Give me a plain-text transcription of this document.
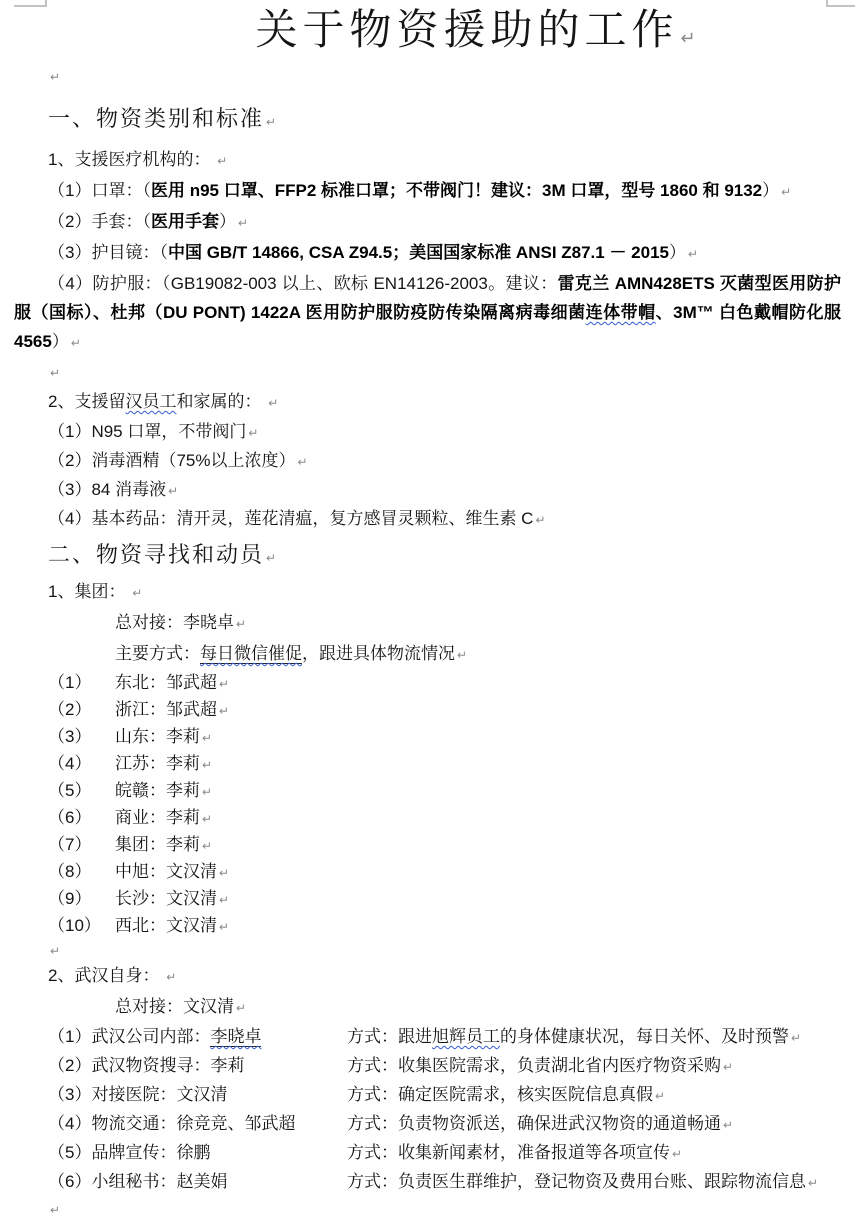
关于物资援助的工作 ↵

↵

一、物资类别和标准 ↵

1、支援医疗机构的： ↵

（1）口罩：（医用 n95 口罩、FFP2 标准口罩；不带阀门！建议：3M 口罩，型号 1860 和 9132） ↵

（2）手套：（医用手套） ↵

（3）护目镜：（中国 GB/T 14866, CSA Z94.5；美国国家标准 ANSI Z87.1 － 2015） ↵

（4）防护服：（GB19082-003 以上、欧标 EN14126-2003。建议：雷克兰 AMN428ETS 灭菌型医用防护服（国标）、杜邦（DU PONT) 1422A 医用防护服防疫防传染隔离病毒细菌连体带帽、3M™ 白色戴帽防化服 4565） ↵

↵

2、支援留汉员工和家属的： ↵

（1）N95 口罩，不带阀门 ↵

（2）消毒酒精（75%以上浓度） ↵

（3）84 消毒液 ↵

（4）基本药品：清开灵，莲花清瘟，复方感冒灵颗粒、维生素 C ↵

二、物资寻找和动员 ↵

1、集团： ↵

总对接：李晓卓 ↵

主要方式：每日微信催促，跟进具体物流情况 ↵

（1） 东北：邹武超 ↵

（2） 浙江：邹武超 ↵

（3） 山东：李莉 ↵

（4） 江苏：李莉 ↵

（5） 皖赣：李莉 ↵

（6） 商业：李莉 ↵

（7） 集团：李莉 ↵

（8） 中旭：文汉清 ↵

（9） 长沙：文汉清 ↵

（10） 西北：文汉清 ↵

↵

2、武汉自身： ↵

总对接：文汉清 ↵

（1）武汉公司内部：李晓卓	方式：跟进旭辉员工的身体健康状况，每日关怀、及时预警 ↵
（2）武汉物资搜寻：李莉	方式：收集医院需求，负责湖北省内医疗物资采购 ↵
（3）对接医院：文汉清	方式：确定医院需求，核实医院信息真假 ↵
（4）物流交通：徐竞竞、邹武超	方式：负责物资派送，确保进武汉物资的通道畅通 ↵
（5）品牌宣传：徐鹏	方式：收集新闻素材，准备报道等各项宣传 ↵
（6）小组秘书：赵美娟	方式：负责医生群维护，登记物资及费用台账、跟踪物流信息 ↵

↵
